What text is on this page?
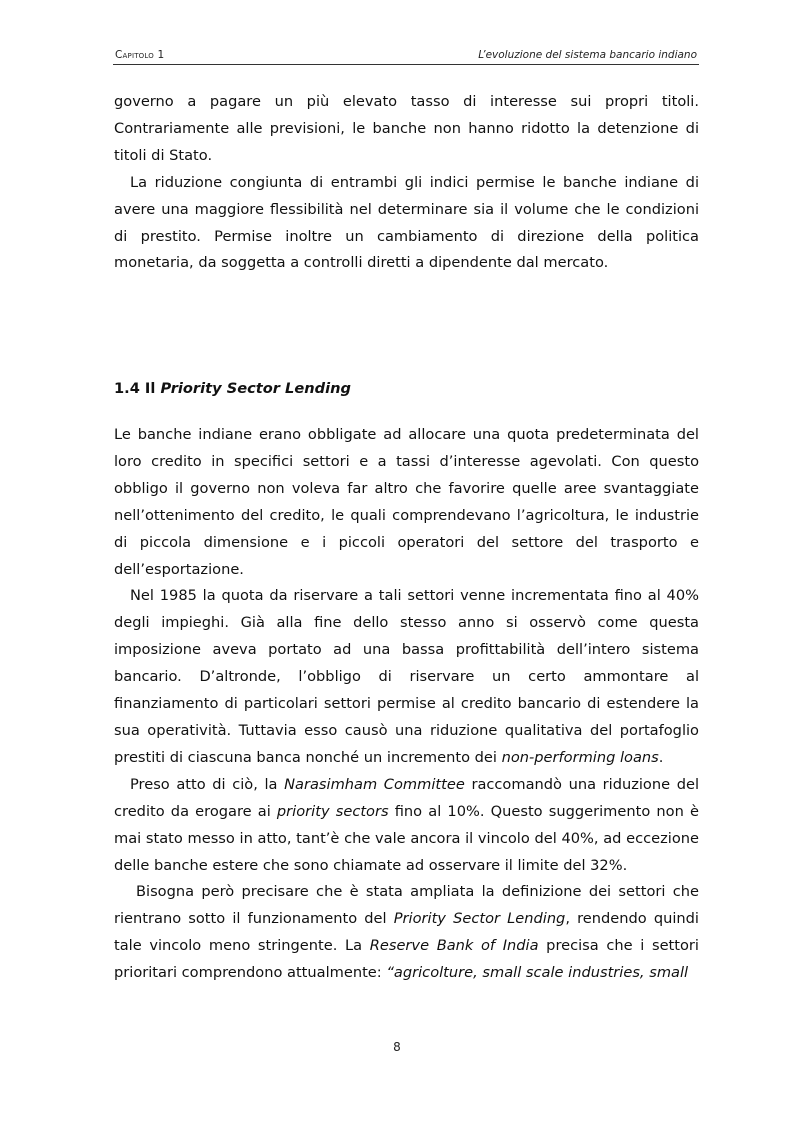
Capitolo 1	L’evoluzione del sistema bancario indiano

governo a pagare un più elevato tasso di interesse sui propri titoli. Contrariamente alle previsioni, le banche non hanno ridotto la detenzione di titoli di Stato.

La riduzione congiunta di entrambi gli indici permise le banche indiane di avere una maggiore flessibilità nel determinare sia il volume che le condizioni di prestito. Permise inoltre un cambiamento di direzione della politica monetaria, da soggetta a controlli diretti a dipendente dal mercato.

1.4 Il Priority Sector Lending

Le banche indiane erano obbligate ad allocare una quota predeterminata del loro credito in specifici settori e a tassi d’interesse agevolati. Con questo obbligo il governo non voleva far altro che favorire quelle aree svantaggiate nell’ottenimento del credito, le quali comprendevano l’agricoltura, le industrie di piccola dimensione e i piccoli operatori del settore del trasporto e dell’esportazione.

Nel 1985 la quota da riservare a tali settori venne incrementata fino al 40% degli impieghi. Già alla fine dello stesso anno si osservò come questa imposizione aveva portato ad una bassa profittabilità dell’intero sistema bancario. D’altronde, l’obbligo di riservare un certo ammontare al finanziamento di particolari settori permise al credito bancario di estendere la sua operatività. Tuttavia esso causò una riduzione qualitativa del portafoglio prestiti di ciascuna banca nonché un incremento dei non-performing loans.

Preso atto di ciò, la Narasimham Committee raccomandò una riduzione del credito da erogare ai priority sectors fino al 10%. Questo suggerimento non è mai stato messo in atto, tant’è che vale ancora il vincolo del 40%, ad eccezione delle banche estere che sono chiamate ad osservare il limite del 32%.

Bisogna però precisare che è stata ampliata la definizione dei settori che rientrano sotto il funzionamento del Priority Sector Lending, rendendo quindi tale vincolo meno stringente. La Reserve Bank of India precisa che i settori prioritari comprendono attualmente: “agricolture, small scale industries, small

8
